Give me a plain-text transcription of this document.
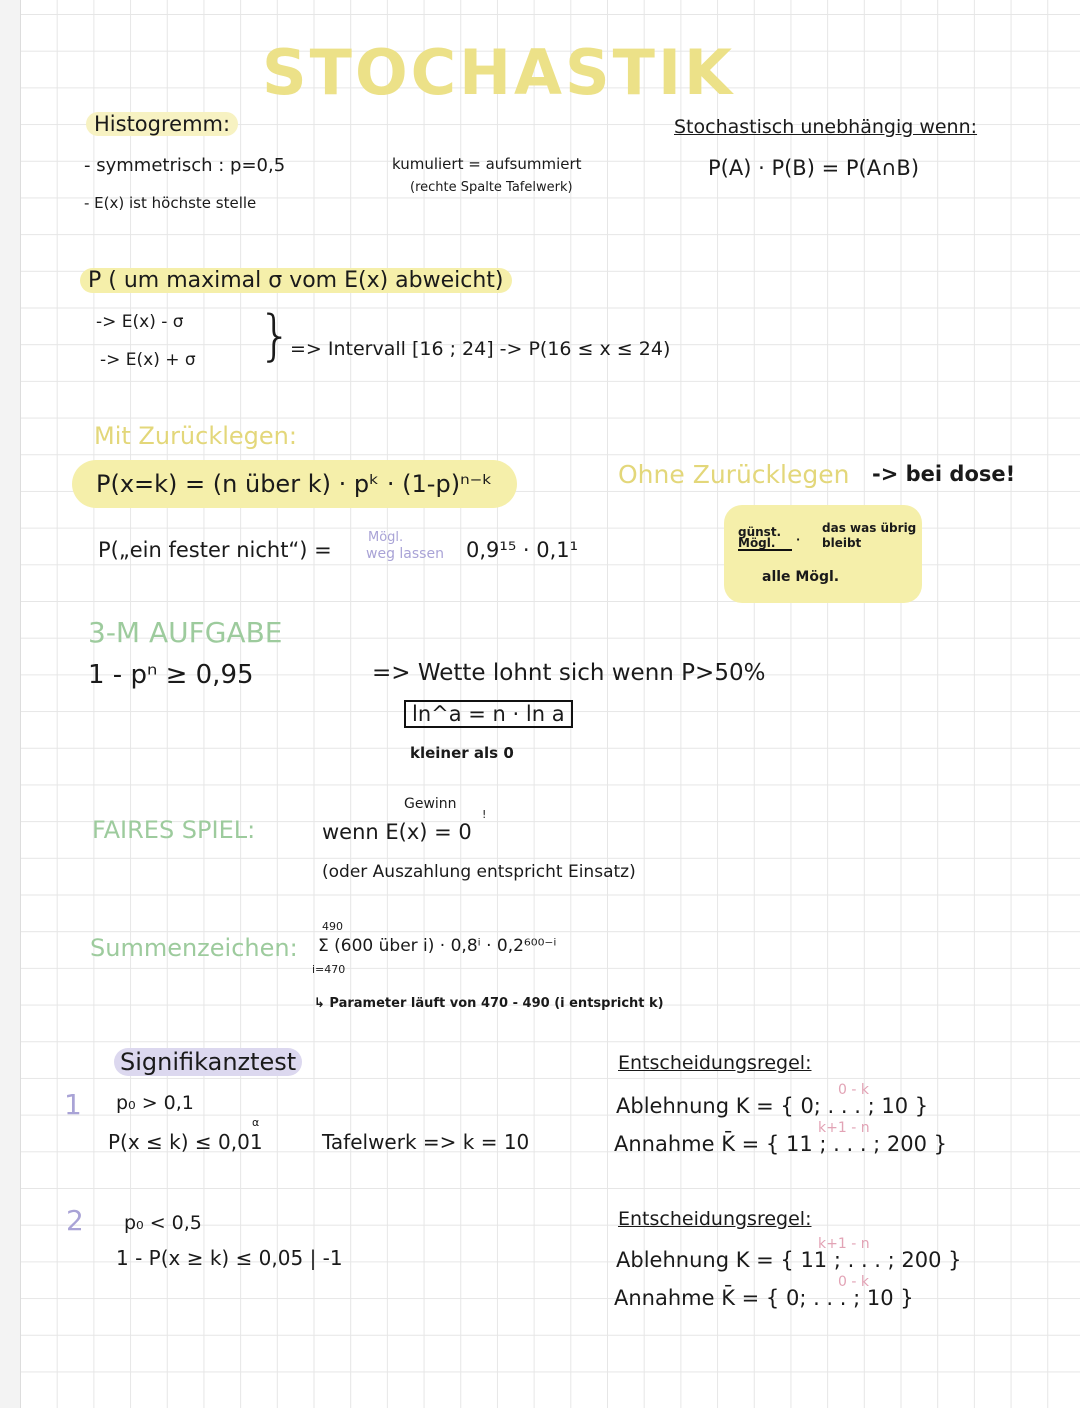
STOCHASTIK
Histogremm:
- symmetrisch : p=0,5
- E(x) ist höchste stelle
kumuliert = aufsummiert
(rechte Spalte Tafelwerk)
Stochastisch unebhängig wenn:
P(A) · P(B) = P(A∩B)
P ( um maximal σ vom E(x) abweicht)
-> E(x) - σ
-> E(x) + σ }
=> Intervall [16 ; 24] -> P(16 ≤ x ≤ 24)
Mit Zurücklegen:
P(x=k) = (n über k) · pᵏ · (1-p)ⁿ⁻ᵏ
P(„ein fester nicht“) =
Mögl.
weg lassen 0,9¹⁵ · 0,1¹
Ohne Zurücklegen -> bei dose!
günst. Mögl.	·
das was übrig bleibt
alle Mögl.
3-M AUFGABE
1 - pⁿ ≥ 0,95	=> Wette lohnt sich wenn P>50%
ln^a = n · ln a
kleiner als 0
Gewinn
FAIRES SPIEL:	wenn E(x) = 0
!
(oder Auszahlung entspricht Einsatz)
Summenzeichen:
490
i=470
Σ (600 über i) · 0,8ⁱ · 0,2⁶⁰⁰⁻ⁱ
↳ Parameter läuft von 470 - 490 (i entspricht k)
Signifikanztest
1 p₀ > 0,1
α
P(x ≤ k) ≤ 0,01	Tafelwerk => k = 10
2 p₀ < 0,5
1 - P(x ≥ k) ≤ 0,05 | -1
Entscheidungsregel:
0 - k
Ablehnung K = { 0; . . . ; 10 }
k+1 - n
Annahme K̄ = { 11 ; . . . ; 200 }
Entscheidungsregel:
k+1 - n
Ablehnung K = { 11 ; . . . ; 200 }
0 - k
Annahme K̄ = { 0; . . . ; 10 }
